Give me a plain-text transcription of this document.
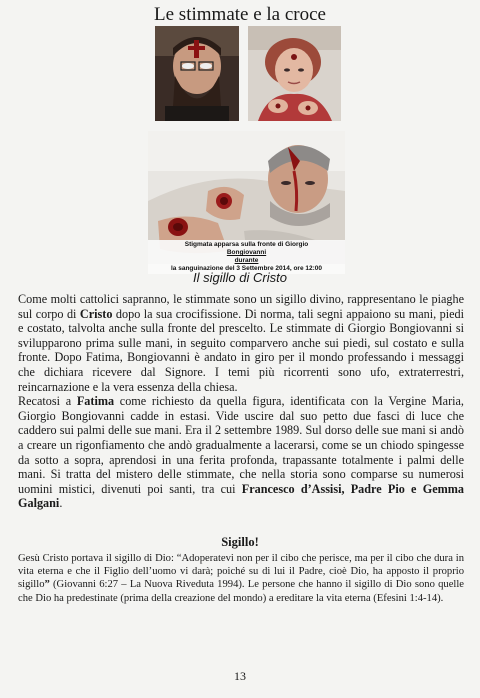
Le stimmate e la croce
Stigmata apparsa sulla fronte di Giorgio
Bongiovanni
durante
la sanguinazione del 3 Settembre 2014, ore 12:00
Il sigillo di Cristo

Come molti cattolici sapranno, le stimmate sono un sigillo divino, rappresentano le piaghe sul corpo di Cristo dopo la sua crocifissione. Di norma, tali segni appaiono su mani, piedi e costato, talvolta anche sulla fronte del prescelto. Le stimmate di Giorgio Bongiovanni si svilupparono prima sulle mani, in seguito comparvero anche sui piedi, sul costato e sulla fronte. Dopo Fatima, Bongiovanni è andato in giro per il mondo professando i messaggi che dichiara ricevere dal Signore. I temi più ricorrenti sono ufo, extraterrestri, reincarnazione e la vera essenza della chiesa.

Recatosi a Fatima come richiesto da quella figura, identificata con la Vergine Maria, Giorgio Bongiovanni cadde in estasi. Vide uscire dal suo petto due fasci di luce che caddero sui palmi delle sue mani. Era il 2 settembre 1989. Sul dorso delle sue mani si andò a creare un rigonfiamento che andò gradualmente a lacerarsi, come se un chiodo spingesse da sotto a sopra, aprendosi in una ferita profonda, trapassante totalmente i palmi delle mani. Si tratta del mistero delle stimmate, che nella storia sono comparse su numerosi uomini mistici, divenuti poi santi, tra cui Francesco d’Assisi, Padre Pio e Gemma Galgani.

Sigillo!

Gesù Cristo portava il sigillo di Dio: “Adoperatevi non per il cibo che perisce, ma per il cibo che dura in vita eterna e che il Figlio dell’uomo vi darà; poiché su di lui il Padre, cioè Dio, ha apposto il proprio sigillo” (Giovanni 6:27 – La Nuova Riveduta 1994). Le persone che hanno il sigillo di Dio sono quelle che Dio ha predestinate (prima della creazione del mondo) a ereditare la vita eterna (Efesini 1:4-14).

13
